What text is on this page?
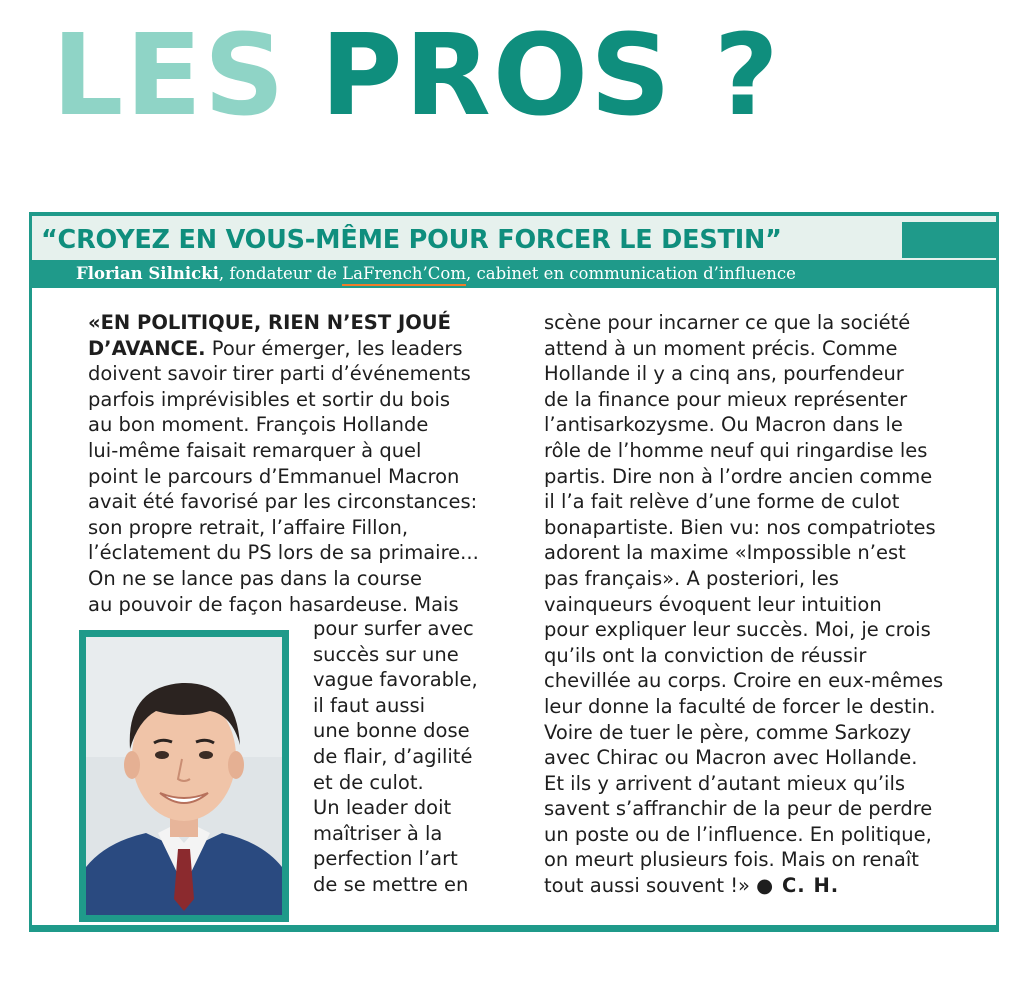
LES PROS ?
“CROYEZ EN VOUS-MÊME POUR FORCER LE DESTIN”
Florian Silnicki, fondateur de LaFrench’Com, cabinet en communication d’influence

«EN POLITIQUE, RIEN N’EST JOUÉ

D’AVANCE. Pour émerger, les leaders

doivent savoir tirer parti d’événements

parfois imprévisibles et sortir du bois

au bon moment. François Hollande

lui-même faisait remarquer à quel

point le parcours d’Emmanuel Macron

avait été favorisé par les circonstances:

son propre retrait, l’affaire Fillon,

l’éclatement du PS lors de sa primaire...

On ne se lance pas dans la course

au pouvoir de façon hasardeuse. Mais

pour surfer avec

succès sur une

vague favorable,

il faut aussi

une bonne dose

de flair, d’agilité

et de culot.

Un leader doit

maîtriser à la

perfection l’art

de se mettre en

scène pour incarner ce que la société

attend à un moment précis. Comme

Hollande il y a cinq ans, pourfendeur

de la finance pour mieux représenter

l’antisarkozysme. Ou Macron dans le

rôle de l’homme neuf qui ringardise les

partis. Dire non à l’ordre ancien comme

il l’a fait relève d’une forme de culot

bonapartiste. Bien vu: nos compatriotes

adorent la maxime «Impossible n’est

pas français». A posteriori, les

vainqueurs évoquent leur intuition

pour expliquer leur succès. Moi, je crois

qu’ils ont la conviction de réussir

chevillée au corps. Croire en eux-mêmes

leur donne la faculté de forcer le destin.

Voire de tuer le père, comme Sarkozy

avec Chirac ou Macron avec Hollande.

Et ils y arrivent d’autant mieux qu’ils

savent s’affranchir de la peur de perdre

un poste ou de l’influence. En politique,

on meurt plusieurs fois. Mais on renaît

tout aussi souvent !» ● C. H.
